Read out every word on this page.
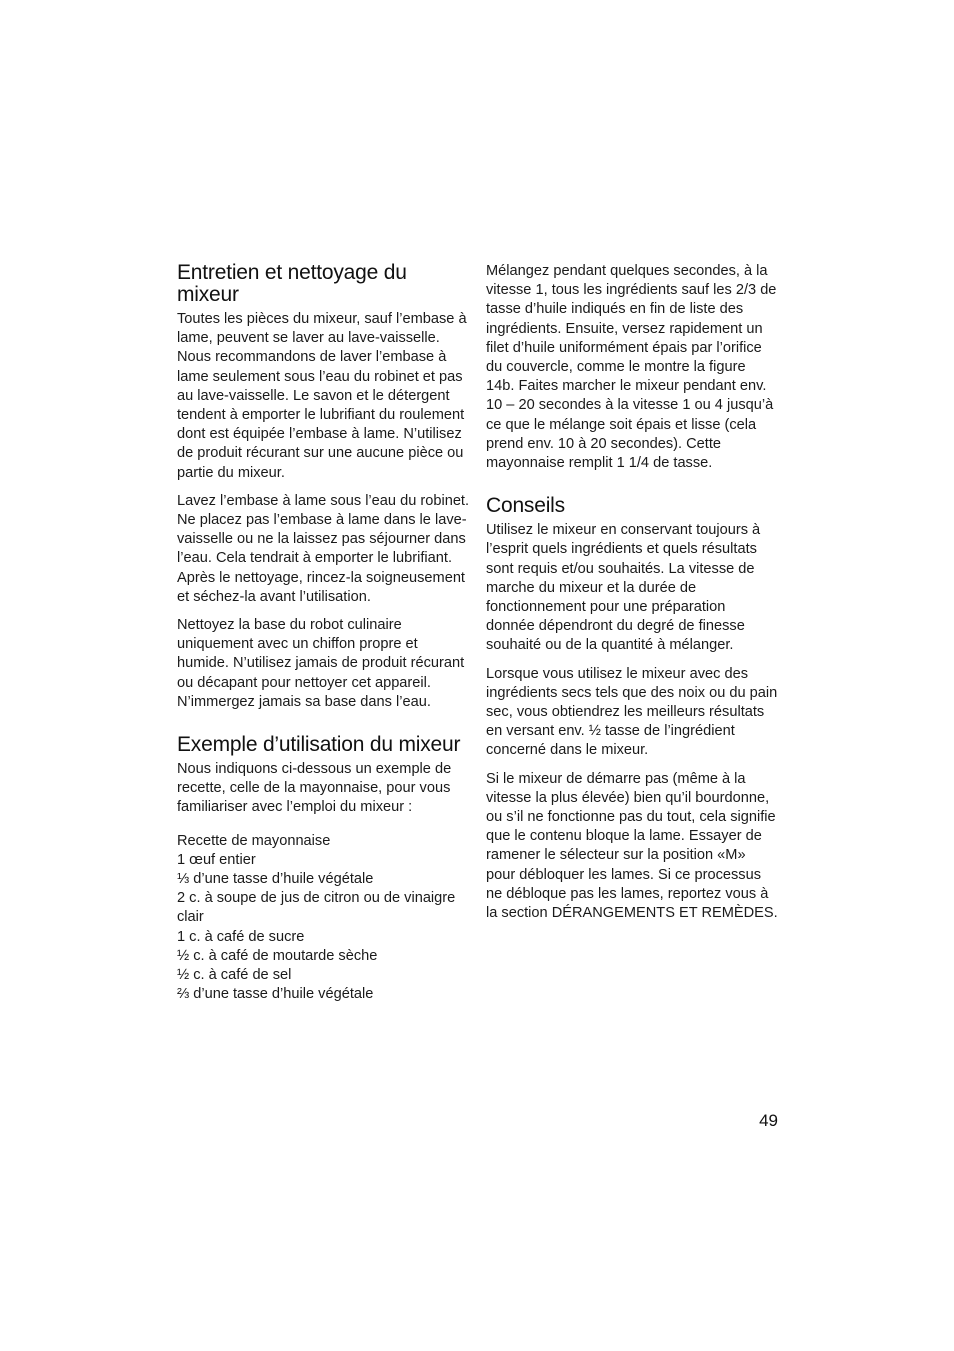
Entretien et nettoyage du mixeur

Toutes les pièces du mixeur, sauf l’embase à lame, peuvent se laver au lave-vaisselle. Nous recommandons de laver l’embase à lame seulement sous l’eau du robinet et pas au lave-vaisselle. Le savon et le détergent tendent à emporter le lubrifiant du roulement dont est équipée l’embase à lame. N’utilisez de produit récurant sur une aucune pièce ou partie du mixeur.

Lavez l’embase à lame sous l’eau du robinet. Ne placez pas l’embase à lame dans le lave-vaisselle ou ne la laissez pas séjourner dans l’eau. Cela tendrait à emporter le lubrifiant. Après le nettoyage, rincez-la soigneusement et séchez-la avant l’utilisation.

Nettoyez la base du robot culinaire uniquement avec un chiffon propre et humide. N’utilisez jamais de produit récurant ou décapant pour nettoyer cet appareil. N’immergez jamais sa base dans l’eau.

Exemple d’utilisation du mixeur

Nous indiquons ci-dessous un exemple de recette, celle de la mayonnaise, pour vous familiariser avec l’emploi du mixeur :

Recette de mayonnaise
1 œuf entier
⅓ d’une tasse d’huile végétale
2 c. à soupe de jus de citron ou de vinaigre clair
1 c. à café de sucre
½ c. à café de moutarde sèche
½ c. à café de sel
⅔ d’une tasse d’huile végétale

Mélangez pendant quelques secondes, à la vitesse 1, tous les ingrédients sauf les 2/3 de tasse d’huile indiqués en fin de liste des ingrédients. Ensuite, versez rapidement un filet d’huile uniformément épais par l’orifice du couvercle, comme le montre la figure 14b. Faites marcher le mixeur pendant env. 10 – 20 secondes à la vitesse 1 ou 4 jusqu’à ce que le mélange soit épais et lisse (cela prend env. 10 à 20 secondes). Cette mayonnaise remplit 1 1/4 de tasse.

Conseils

Utilisez le mixeur en conservant toujours à l’esprit quels ingrédients et quels résultats sont requis et/ou souhaités. La vitesse de marche du mixeur et la durée de fonctionnement pour une préparation donnée dépendront du degré de finesse souhaité ou de la quantité à mélanger.

Lorsque vous utilisez le mixeur avec des ingrédients secs tels que des noix ou du pain sec, vous obtiendrez les meilleurs résultats en versant env. ½ tasse de l’ingrédient concerné dans le mixeur.

Si le mixeur de démarre pas (même à la vitesse la plus élevée) bien qu’il bourdonne, ou s’il ne fonctionne pas du tout, cela signifie que le contenu bloque la lame. Essayer de ramener le sélecteur sur la position «M» pour débloquer les lames. Si ce processus ne débloque pas les lames, reportez vous à la section DÉRANGEMENTS ET REMÈDES.

49
